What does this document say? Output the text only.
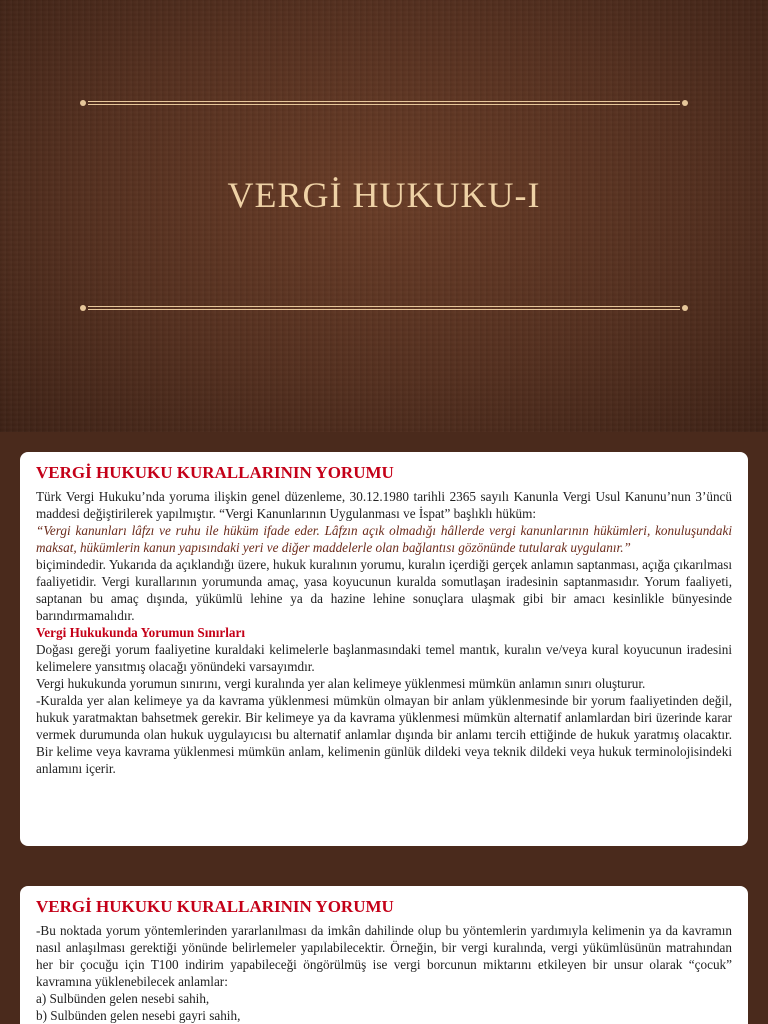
VERGİ HUKUKU-I
VERGİ HUKUKU KURALLARININ YORUMU

Türk Vergi Hukuku’nda yoruma ilişkin genel düzenleme, 30.12.1980 tarihli 2365 sayılı Kanunla Vergi Usul Kanunu’nun 3’üncü maddesi değiştirilerek yapılmıştır. “Vergi Kanunlarının Uygulanması ve İspat” başlıklı hüküm:

“Vergi kanunları lâfzı ve ruhu ile hüküm ifade eder. Lâfzın açık olmadığı hâllerde vergi kanunlarının hükümleri, konuluşundaki maksat, hükümlerin kanun yapısındaki yeri ve diğer maddelerle olan bağlantısı gözönünde tutularak uygulanır.”

biçimindedir. Yukarıda da açıklandığı üzere, hukuk kuralının yorumu, kuralın içerdiği gerçek anlamın saptanması, açığa çıkarılması faaliyetidir. Vergi kurallarının yorumunda amaç, yasa koyucunun kuralda somutlaşan iradesinin saptanmasıdır. Yorum faaliyeti, saptanan bu amaç dışında, yükümlü lehine ya da hazine lehine sonuçlara ulaşmak gibi bir amacı kesinlikle bünyesinde barındırmamalıdır.

Vergi Hukukunda Yorumun Sınırları

Doğası gereği yorum faaliyetine kuraldaki kelimelerle başlanmasındaki temel mantık, kuralın ve/veya kural koyucunun iradesini kelimelere yansıtmış olacağı yönündeki varsayımdır.

Vergi hukukunda yorumun sınırını, vergi kuralında yer alan kelimeye yüklenmesi mümkün anlamın sınırı oluşturur.

-Kuralda yer alan kelimeye ya da kavrama yüklenmesi mümkün olmayan bir anlam yüklenmesinde bir yorum faaliyetinden değil, hukuk yaratmaktan bahsetmek gerekir. Bir kelimeye ya da kavrama yüklenmesi mümkün alternatif anlamlardan biri üzerinde karar vermek durumunda olan hukuk uygulayıcısı bu alternatif anlamlar dışında bir anlamı tercih ettiğinde de hukuk yaratmış olacaktır. Bir kelime veya kavrama yüklenmesi mümkün anlam, kelimenin günlük dildeki veya teknik dildeki veya hukuk terminolojisindeki anlamını içerir.

VERGİ HUKUKU KURALLARININ YORUMU

-Bu noktada yorum yöntemlerinden yararlanılması da imkân dahilinde olup bu yöntemlerin yardımıyla kelimenin ya da kavramın nasıl anlaşılması gerektiği yönünde belirlemeler yapılabilecektir. Örneğin, bir vergi kuralında, vergi yükümlüsünün matrahından her bir çocuğu için T100 indirim yapabileceği öngörülmüş ise vergi borcunun miktarını etkileyen bir unsur olarak “çocuk” kavramına yüklenebilecek anlamlar:

a) Sulbünden gelen nesebi sahih,

b) Sulbünden gelen nesebi gayri sahih,
